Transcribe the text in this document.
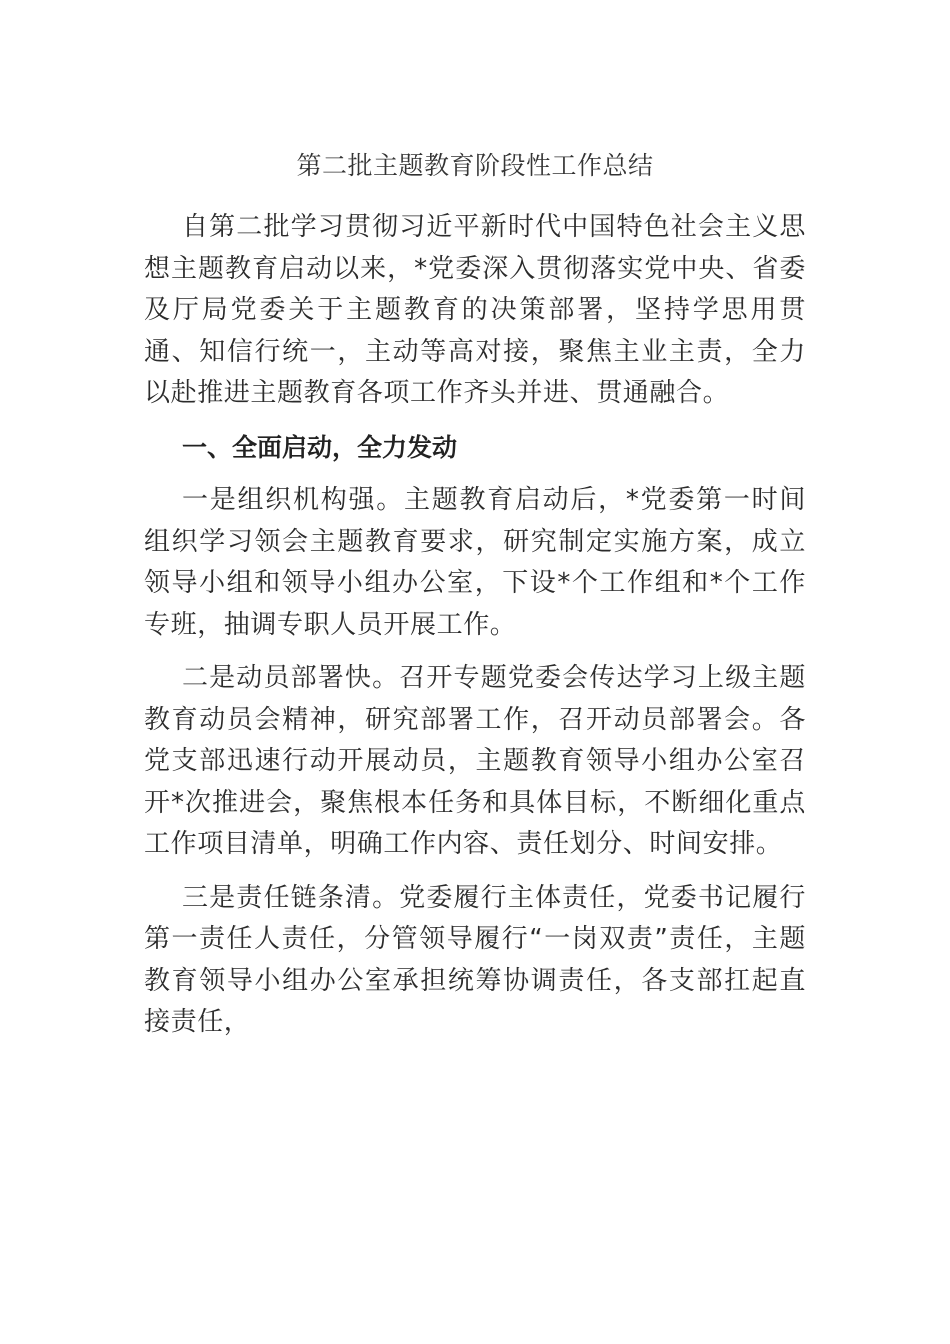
第二批主题教育阶段性工作总结

自第二批学习贯彻习近平新时代中国特色社会主义思想主题教育启动以来，*党委深入贯彻落实党中央、省委及厅局党委关于主题教育的决策部署，坚持学思用贯通、知信行统一，主动等高对接，聚焦主业主责，全力以赴推进主题教育各项工作齐头并进、贯通融合。

一、全面启动，全力发动

一是组织机构强。主题教育启动后，*党委第一时间组织学习领会主题教育要求，研究制定实施方案，成立领导小组和领导小组办公室，下设*个工作组和*个工作专班，抽调专职人员开展工作。

二是动员部署快。召开专题党委会传达学习上级主题教育动员会精神，研究部署工作，召开动员部署会。各党支部迅速行动开展动员，主题教育领导小组办公室召开*次推进会，聚焦根本任务和具体目标，不断细化重点工作项目清单，明确工作内容、责任划分、时间安排。

三是责任链条清。党委履行主体责任，党委书记履行第一责任人责任，分管领导履行“一岗双责”责任，主题教育领导小组办公室承担统筹协调责任，各支部扛起直接责任，
